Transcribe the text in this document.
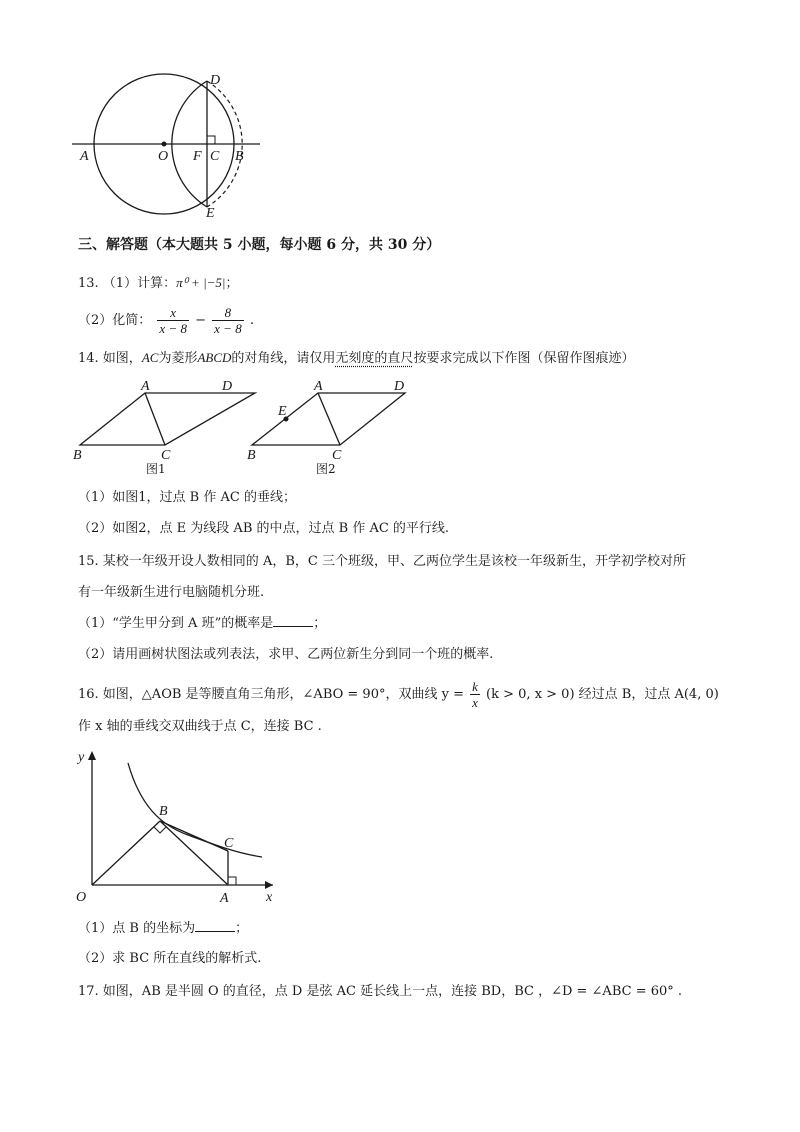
A	O F C B
D
E
三、解答题（本大题共 5 小题，每小题 6 分，共 30 分）
13. （1）计算：π⁰ + |−5|；
（2）化简： $\frac{x}{x - 8} - \frac{8}{x - 8}$ .
14. 如图，AC为菱形ABCD的对角线，请仅用无刻度的直尺按要求完成以下作图（保留作图痕迹）
A	D
B	C
图1
A	D
B	C
E
图2
（1）如图1，过点 B 作 AC 的垂线；
（2）如图2，点 E 为线段 AB 的中点，过点 B 作 AC 的平行线.
15. 某校一年级开设人数相同的 A，B，C 三个班级，甲、乙两位学生是该校一年级新生，开学初学校对所
有一年级新生进行电脑随机分班.
（1）“学生甲分到 A 班”的概率是	；
（2）请用画树状图法或列表法，求甲、乙两位新生分到同一个班的概率.
16. 如图，△AOB 是等腰直角三角形，∠ABO = 90°，双曲线 $y = \frac{k}{x} (k > 0$, x > 0) 经过点 B，过点 A(4, 0)
作 x 轴的垂线交双曲线于点 C，连接 BC .
y
x
O	A
B
C
（1）点 B 的坐标为	；
（2）求 BC 所在直线的解析式.
17. 如图，AB 是半圆 O 的直径，点 D 是弦 AC 延长线上一点，连接 BD，BC ，∠D = ∠ABC = 60° .
